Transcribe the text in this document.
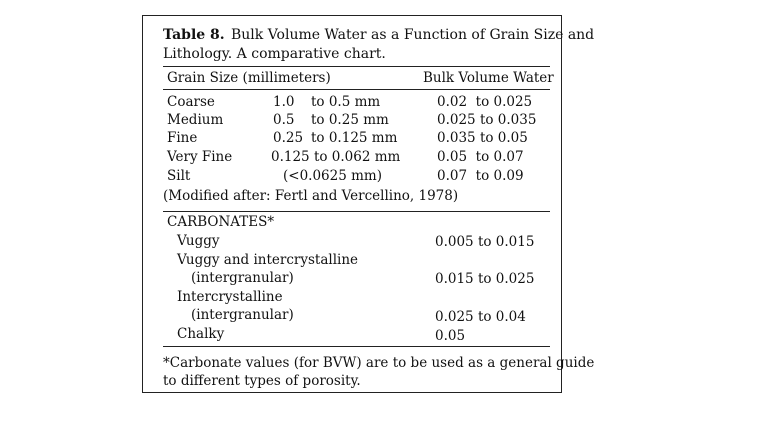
Table 8. Bulk Volume Water as a Function of Grain Size and
Lithology. A comparative chart.
Grain Size (millimeters)	Bulk Volume Water
Coarse	1.0 to 0.5 mm	0.02  to 0.025
Medium	0.5 to 0.25 mm	0.025 to 0.035
Fine	0.25 to 0.125 mm	0.035 to 0.05
Very Fine	0.125 to 0.062 mm	0.05  to 0.07
Silt	(<0.0625 mm)	0.07  to 0.09
(Modified after: Fertl and Vercellino, 1978)
CARBONATES*
Vuggy	0.005 to 0.015
Vuggy and intercrystalline
(intergranular)	0.015 to 0.025
Intercrystalline
(intergranular)	0.025 to 0.04
Chalky	0.05
*Carbonate values (for BVW) are to be used as a general guide
to different types of porosity.
